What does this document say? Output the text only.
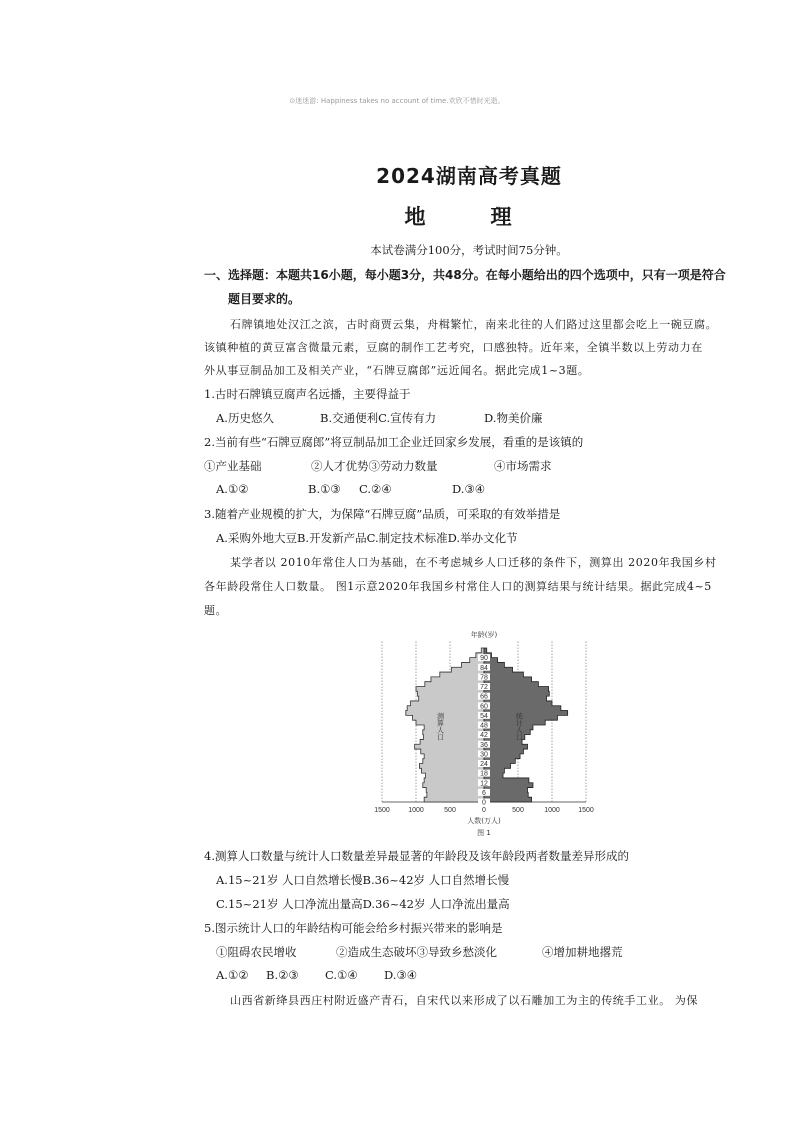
⊙迷迷游: Happiness takes no account of time.欢欣不惜时光逝。
2024湖南高考真题
地　理
本试卷满分100分，考试时间75分钟。
一、选择题：本题共16小题，每小题3分，共48分。在每小题给出的四个选项中，只有一项是符合
题目要求的。
石牌镇地处汉江之滨，古时商贾云集，舟楫繁忙，南来北往的人们路过这里都会吃上一碗豆腐。
该镇种植的黄豆富含微量元素，豆腐的制作工艺考究，口感独特。近年来，全镇半数以上劳动力在
外从事豆制品加工及相关产业，“石牌豆腐郎”远近闻名。据此完成1~3题。
1.古时石牌镇豆腐声名远播，主要得益于
A.历史悠久	B.交通便利C.宣传有力	D.物美价廉
2.当前有些“石牌豆腐郎”将豆制品加工企业迁回家乡发展，看重的是该镇的
①产业基础	②人才优势③劳动力数量	④市场需求
A.①②	B.①③ C.②④	D.③④
3.随着产业规模的扩大，为保障“石牌豆腐”品质，可采取的有效举措是
A.采购外地大豆B.开发新产品C.制定技术标准D.举办文化节
某学者以 2010年常住人口为基础，在不考虑城乡人口迁移的条件下，测算出 2020年我国乡村
各年龄段常住人口数量。 图1示意2020年我国乡村常住人口的测算结果与统计结果。据此完成4~5
题。
0
6
12
18
24
30
36
42
48
54
60
66
72
78
84
90
1500	1000	500	0	500	1000	1500
年龄(岁)
人数(万人)
图 1
测算人口	统计人口
4.测算人口数量与统计人口数量差异最显著的年龄段及该年龄段两者数量差异形成的
A.15~21岁 人口自然增长慢B.36~42岁 人口自然增长慢
C.15~21岁 人口净流出量高D.36~42岁 人口净流出量高
5.图示统计人口的年龄结构可能会给乡村振兴带来的影响是
①阻碍农民增收	②造成生态破坏③导致乡愁淡化	④增加耕地撂荒
A.①② B.②③ C.①④ D.③④
山西省新绛县西庄村附近盛产青石，自宋代以来形成了以石雕加工为主的传统手工业。 为保
